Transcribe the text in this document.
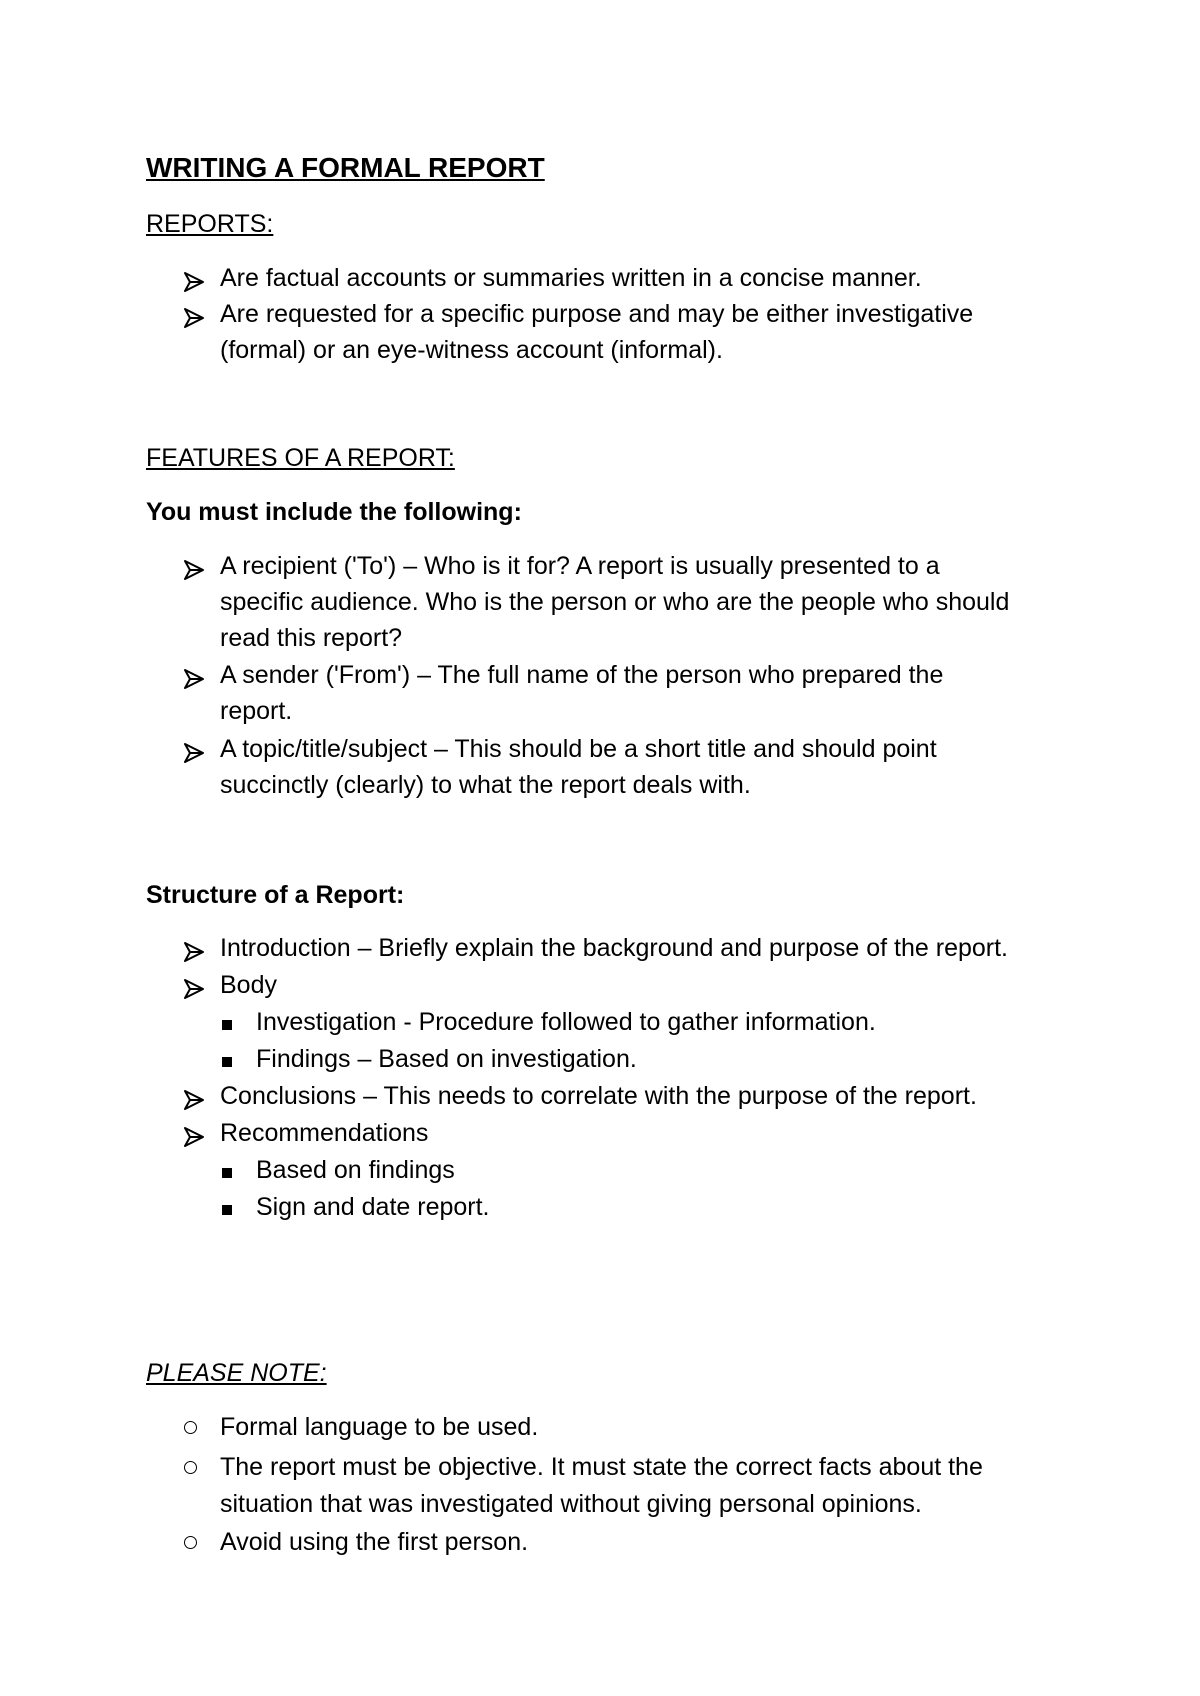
WRITING A FORMAL REPORT

REPORTS:

Are factual accounts or summaries written in a concise manner.

Are requested for a specific purpose and may be either investigative

(formal) or an eye-witness account (informal).

FEATURES OF A REPORT:

You must include the following:

A recipient ('To') – Who is it for? A report is usually presented to a

specific audience. Who is the person or who are the people who should

read this report?

A sender ('From') – The full name of the person who prepared the

report.

A topic/title/subject – This should be a short title and should point

succinctly (clearly) to what the report deals with.

Structure of a Report:

Introduction – Briefly explain the background and purpose of the report.

Body

Investigation - Procedure followed to gather information.

Findings – Based on investigation.

Conclusions – This needs to correlate with the purpose of the report.

Recommendations

Based on findings

Sign and date report.

PLEASE NOTE:

Formal language to be used.

The report must be objective. It must state the correct facts about the

situation that was investigated without giving personal opinions.

Avoid using the first person.
